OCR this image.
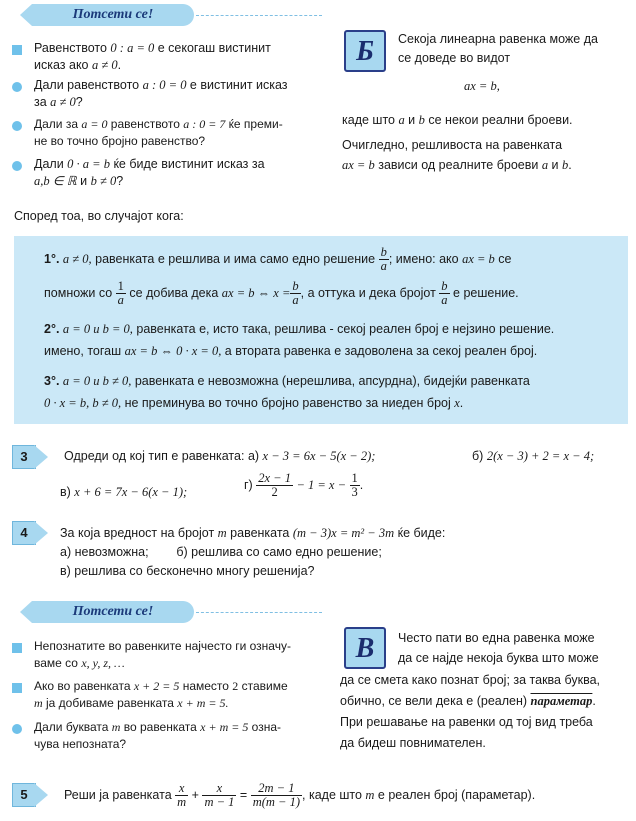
Потсети се!
Равенството 0 : a = 0 е секогаш вистинит
исказ ако a ≠ 0.
Дали равенството a : 0 = 0 е вистинит исказ
за a ≠ 0?
Дали за a = 0 равенството a : 0 = 7 ќе преми-
не во точно бројно равенство?
Дали 0 · a = b ќе биде вистинит исказ за
a,b ∈ ℝ и b ≠ 0?
Б	Секоја линеарна равенка може да
се доведе во видот
ax = b,
каде што a и b се некои реални броеви.
Очигледно, решливоста на равенката
ax = b зависи од реалните броеви a и b.
Според тоа, во случајот кога:
1°. a ≠ 0, равенката е решлива и има само едно решение $\frac{b}{a}$ ; имено: ако ax = b се
помножи со $\frac{1}{a}$ се добива дека ax = b ⇔ $x = \frac{b}{a}$ , а оттука и дека бројот $\frac{b}{a}$ е решение.
2°. a = 0 и b = 0, равенката е, исто така, решлива - секој реален број е нејзино решение.
имено, тогаш ax = b ⇔ 0 · x = 0, а втората равенка е задоволена за секој реален број.
3°. a = 0 и b ≠ 0, равенката е невозможна (нерешлива, апсурдна), бидејќи равенката
0 · x = b, b ≠ 0, не преминува во точно бројно равенство за ниеден број x.
3	Одреди од кој тип е равенката: а) x − 3 = 6x − 5(x − 2);	б) 2(x − 3) + 2 = x − 4;
в) x + 6 = 7x − 6(x − 1);	$г) \frac{2x - 1}{2} - 1 = x - \frac{1}{3}$ .
4	За која вредност на бројот m равенката (m − 3)x = m² − 3m ќе биде:
а) невозможна;        б) решлива со само едно решение;
в) решлива со бесконечно многу решенија?
Потсети се!
Непознатите во равенките најчесто ги означу-
ваме со x, y, z, …
Ако во равенката x + 2 = 5 наместо 2 ставиме
m ја добиваме равенката x + m = 5.
Дали буквата m во равенката x + m = 5 озна-
чува непозната?
В	Често пати во една равенка може
да се најде некоја буква што може
да се смета како познат број; за таква буква,
обично, се вели дека е (реален) параметар.
При решавање на равенки од тој вид треба
да бидеш повнимателен.
5	Реши ја равенката $\frac{x}{m} + \frac{x}{m - 1} = \frac{2m - 1}{m(m - 1)}$ , каде што m е реален број (параметар).
